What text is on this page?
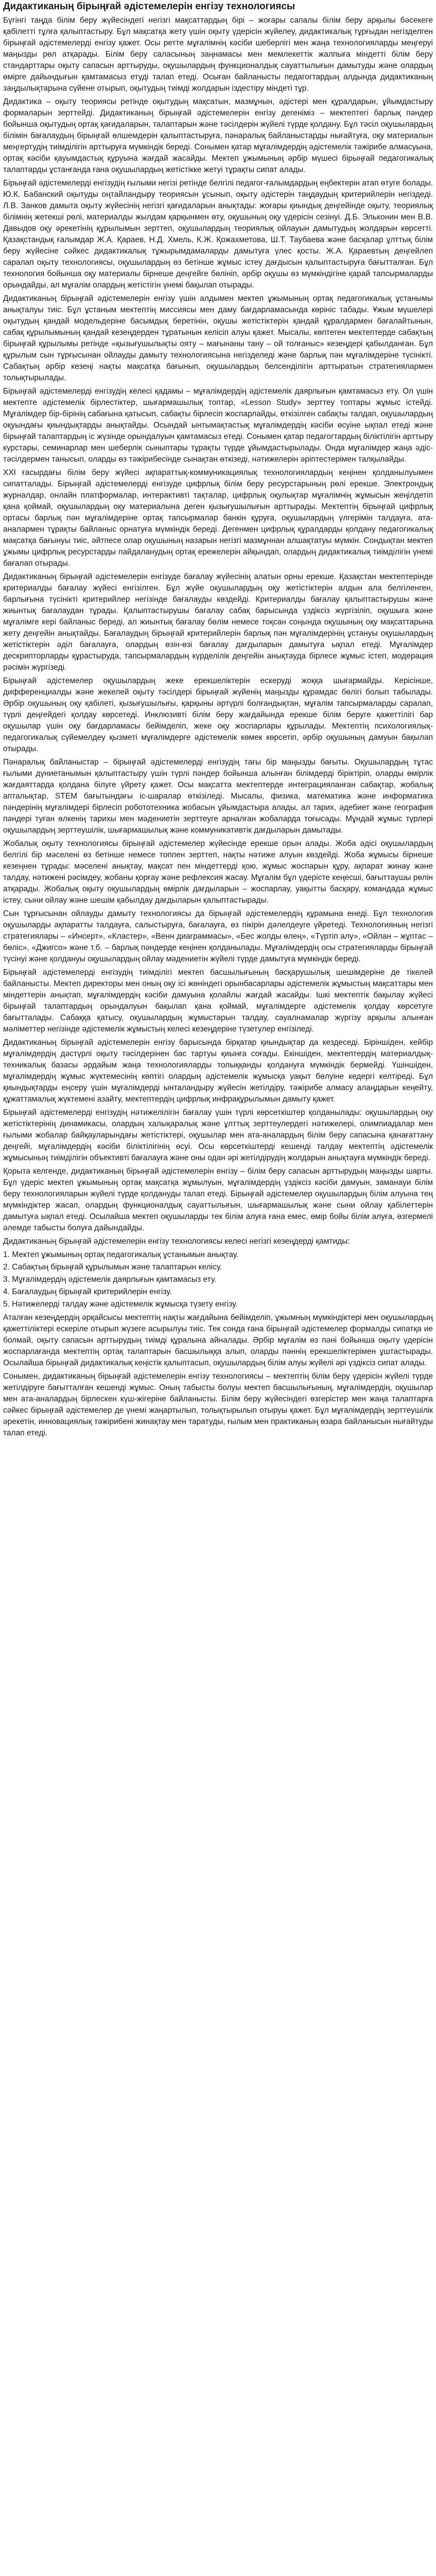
Дидактиканың бірыңғай әдістемелерін енгізу технологиясы

Бүгінгі таңда білім беру жүйесіндегі негізгі мақсаттардың бірі – жоғары сапалы білім беру арқылы бәсекеге қабілетті тұлға қалыптастыру. Бұл мақсатқа жету үшін оқыту үдерісін жүйелеу, дидактикалық тұрғыдан негізделген бірыңғай әдістемелерді енгізу қажет. Осы ретте мұғалімнің кәсіби шеберлігі мен жаңа технологияларды меңгеруі маңызды рөл атқарады. Білім беру саласының заңнамасы мен мемлекеттік жалпыға міндетті білім беру стандарттары оқыту сапасын арттыруды, оқушылардың функционалдық сауаттылығын дамытуды және олардың өмірге дайындығын қамтамасыз етуді талап етеді. Осыған байланысты педагогтардың алдында дидактиканың заңдылықтарына сүйене отырып, оқытудың тиімді жолдарын іздестіру міндеті тұр.

Дидактика – оқыту теориясы ретінде оқытудың мақсатын, мазмұнын, әдістері мен құралдарын, ұйымдастыру формаларын зерттейді. Дидактиканың бірыңғай әдістемелерін енгізу дегеніміз – мектептегі барлық пәндер бойынша оқытудың ортақ қағидаларын, талаптарын және тәсілдерін жүйелі түрде қолдану. Бұл тәсіл оқушылардың білімін бағалаудың бірыңғай өлшемдерін қалыптастыруға, пәнаралық байланыстарды нығайтуға, оқу материалын меңгертудің тиімділігін арттыруға мүмкіндік береді. Сонымен қатар мұғалімдердің әдістемелік тәжірибе алмасуына, ортақ кәсіби қауымдастық құруына жағдай жасайды. Мектеп ұжымының әрбір мүшесі бірыңғай педагогикалық талаптарды ұстанғанда ғана оқушылардың жетістікке жетуі тұрақты сипат алады.

Бірыңғай әдістемелерді енгізудің ғылыми негізі ретінде белгілі педагог-ғалымдардың еңбектерін атап өтуге болады. Ю.К. Бабанский оқытуды оңтайландыру теориясын ұсынып, оқыту әдістерін таңдаудың критерийлерін негіздеді. Л.В. Занков дамыта оқыту жүйесінің негізгі қағидаларын анықтады: жоғары қиындық деңгейінде оқыту, теориялық білімнің жетекші рөлі, материалды жылдам қарқынмен өту, оқушының оқу үдерісін сезінуі. Д.Б. Эльконин мен В.В. Давыдов оқу әрекетінің құрылымын зерттеп, оқушылардың теориялық ойлауын дамытудың жолдарын көрсетті. Қазақстандық ғалымдар Ж.А. Қараев, Н.Д. Хмель, К.Ж. Қожахметова, Ш.Т. Таубаева және басқалар ұлттық білім беру жүйесіне сәйкес дидактикалық тұжырымдамаларды дамытуға үлес қосты. Ж.А. Қараевтың деңгейлеп саралап оқыту технологиясы, оқушылардың өз бетінше жұмыс істеу дағдысын қалыптастыруға бағытталған. Бұл технология бойынша оқу материалы бірнеше деңгейге бөлініп, әрбір оқушы өз мүмкіндігіне қарай тапсырмаларды орындайды, ал мұғалім олардың жетістігін үнемі бақылап отырады.

Дидактиканың бірыңғай әдістемелерін енгізу үшін алдымен мектеп ұжымының ортақ педагогикалық ұстанымы анықталуы тиіс. Бұл ұстаным мектептің миссиясы мен даму бағдарламасында көрініс табады. Ұжым мүшелері оқытудың қандай модельдеріне басымдық беретінін, оқушы жетістіктерін қандай құралдармен бағалайтынын, сабақ құрылымының қандай кезеңдерден тұратынын келісіп алуы қажет. Мысалы, көптеген мектептерде сабақтың бірыңғай құрылымы ретінде «қызығушылықты ояту – мағынаны тану – ой толғаныс» кезеңдері қабылданған. Бұл құрылым сын тұрғысынан ойлауды дамыту технологиясына негізделеді және барлық пән мұғалімдеріне түсінікті. Сабақтың әрбір кезеңі нақты мақсатқа бағынып, оқушылардың белсенділігін арттыратын стратегиялармен толықтырылады.

Бірыңғай әдістемелерді енгізудің келесі қадамы – мұғалімдердің әдістемелік даярлығын қамтамасыз ету. Ол үшін мектепте әдістемелік бірлестіктер, шығармашылық топтар, «Lesson Study» зерттеу топтары жұмыс істейді. Мұғалімдер бір-бірінің сабағына қатысып, сабақты бірлесіп жоспарлайды, өткізілген сабақты талдап, оқушылардың оқуындағы қиындықтарды анықтайды. Осындай ынтымақтастық мұғалімдердің кәсіби өсуіне ықпал етеді және бірыңғай талаптардың іс жүзінде орындалуын қамтамасыз етеді. Сонымен қатар педагогтардың біліктілігін арттыру курстары, семинарлар мен шеберлік сыныптары тұрақты түрде ұйымдастырылады. Онда мұғалімдер жаңа әдіс-тәсілдермен танысып, оларды өз тәжірибесінде сынақтан өткізеді, нәтижелерін әріптестерімен талқылайды.

XXI ғасырдағы білім беру жүйесі ақпараттық-коммуникациялық технологиялардың кеңінен қолданылуымен сипатталады. Бірыңғай әдістемелерді енгізуде цифрлық білім беру ресурстарының рөлі ерекше. Электрондық журналдар, онлайн платформалар, интерактивті тақталар, цифрлық оқулықтар мұғалімнің жұмысын жеңілдетіп қана қоймай, оқушылардың оқу материалына деген қызығушылығын арттырады. Мектептің бірыңғай цифрлық ортасы барлық пән мұғалімдеріне ортақ тапсырмалар банкін құруға, оқушылардың үлгерімін талдауға, ата-аналармен тұрақты байланыс орнатуға мүмкіндік береді. Дегенмен цифрлық құралдарды қолдану педагогикалық мақсатқа бағынуы тиіс, әйтпесе олар оқушының назарын негізгі мазмұннан алшақтатуы мүмкін. Сондықтан мектеп ұжымы цифрлық ресурстарды пайдаланудың ортақ ережелерін айқындап, олардың дидактикалық тиімділігін үнемі бағалап отырады.

Дидактиканың бірыңғай әдістемелерін енгізуде бағалау жүйесінің алатын орны ерекше. Қазақстан мектептерінде критериалды бағалау жүйесі енгізілген. Бұл жүйе оқушылардың оқу жетістіктерін алдын ала белгіленген, барлығына түсінікті критерийлер негізінде бағалауды көздейді. Критериалды бағалау қалыптастырушы және жиынтық бағалаудан тұрады. Қалыптастырушы бағалау сабақ барысында үздіксіз жүргізіліп, оқушыға және мұғалімге кері байланыс береді, ал жиынтық бағалау бөлім немесе тоқсан соңында оқушының оқу мақсаттарына жету деңгейін анықтайды. Бағалаудың бірыңғай критерийлерін барлық пән мұғалімдерінің ұстануы оқушылардың жетістіктерін әділ бағалауға, олардың өзін-өзі бағалау дағдыларын дамытуға ықпал етеді. Мұғалімдер дескрипторларды құрастыруда, тапсырмалардың күрделілік деңгейін анықтауда бірлесе жұмыс істеп, модерация рәсімін жүргізеді.

Бірыңғай әдістемелер оқушылардың жеке ерекшеліктерін ескеруді жоққа шығармайды. Керісінше, дифференциалды және жекелей оқыту тәсілдері бірыңғай жүйенің маңызды құрамдас бөлігі болып табылады. Әрбір оқушының оқу қабілеті, қызығушылығы, қарқыны әртүрлі болғандықтан, мұғалім тапсырмаларды саралап, түрлі деңгейдегі қолдау көрсетеді. Инклюзивті білім беру жағдайында ерекше білім беруге қажеттілігі бар оқушылар үшін оқу бағдарламасы бейімделіп, жеке оқу жоспарлары құрылады. Мектептің психологиялық-педагогикалық сүйемелдеу қызметі мұғалімдерге әдістемелік көмек көрсетіп, әрбір оқушының дамуын бақылап отырады.

Пәнаралық байланыстар – бірыңғай әдістемелерді енгізудің тағы бір маңызды бағыты. Оқушылардың тұтас ғылыми дүниетанымын қалыптастыру үшін түрлі пәндер бойынша алынған білімдерді біріктіріп, оларды өмірлік жағдаяттарда қолдана білуге үйрету қажет. Осы мақсатта мектептерде интеграцияланған сабақтар, жобалық апталықтар, STEM бағытындағы іс-шаралар өткізіледі. Мысалы, физика, математика және информатика пәндерінің мұғалімдері бірлесіп робототехника жобасын ұйымдастыра алады, ал тарих, әдебиет және география пәндері туған өлкенің тарихы мен мәдениетін зерттеуге арналған жобаларда тоғысады. Мұндай жұмыс түрлері оқушылардың зерттеушілік, шығармашылық және коммуникативтік дағдыларын дамытады.

Жобалық оқыту технологиясы бірыңғай әдістемелер жүйесінде ерекше орын алады. Жоба әдісі оқушылардың белгілі бір мәселені өз бетінше немесе топпен зерттеп, нақты нәтиже алуын көздейді. Жоба жұмысы бірнеше кезеңнен тұрады: мәселені анықтау, мақсат пен міндеттерді қою, жұмыс жоспарын құру, ақпарат жинау және талдау, нәтижені рәсімдеу, жобаны қорғау және рефлексия жасау. Мұғалім бұл үдерісте кеңесші, бағыттаушы рөлін атқарады. Жобалық оқыту оқушылардың өмірлік дағдыларын – жоспарлау, уақытты басқару, командада жұмыс істеу, сыни ойлау және шешім қабылдау дағдыларын қалыптастырады.

Сын тұрғысынан ойлауды дамыту технологиясы да бірыңғай әдістемелердің құрамына енеді. Бұл технология оқушыларды ақпаратты талдауға, салыстыруға, бағалауға, өз пікірін дәлелдеуге үйретеді. Технологияның негізгі стратегиялары – «Инсерт», «Кластер», «Венн диаграммасы», «Бес жолды өлең», «Түртіп алу», «Ойлан – жұптас – бөліс», «Джигсо» және т.б. – барлық пәндерде кеңінен қолданылады. Мұғалімдердің осы стратегияларды бірыңғай түсінуі және қолдануы оқушылардың ойлау мәдениетін жүйелі түрде дамытуға мүмкіндік береді.

Бірыңғай әдістемелерді енгізудің тиімділігі мектеп басшылығының басқарушылық шешімдеріне де тікелей байланысты. Мектеп директоры мен оның оқу ісі жөніндегі орынбасарлары әдістемелік жұмыстың мақсаттары мен міндеттерін анықтап, мұғалімдердің кәсіби дамуына қолайлы жағдай жасайды. Ішкі мектептік бақылау жүйесі бірыңғай талаптардың орындалуын бақылап қана қоймай, мұғалімдерге әдістемелік қолдау көрсетуге бағытталады. Сабаққа қатысу, оқушылардың жұмыстарын талдау, сауалнамалар жүргізу арқылы алынған мәліметтер негізінде әдістемелік жұмыстың келесі кезеңдеріне түзетулер енгізіледі.

Дидактиканың бірыңғай әдістемелерін енгізу барысында бірқатар қиындықтар да кездеседі. Біріншіден, кейбір мұғалімдердің дәстүрлі оқыту тәсілдерінен бас тартуы қиынға соғады. Екіншіден, мектептердің материалдық-техникалық базасы әрдайым жаңа технологияларды толыққанды қолдануға мүмкіндік бермейді. Үшіншіден, мұғалімдердің жұмыс жүктемесінің көптігі олардың әдістемелік жұмысқа уақыт бөлуіне кедергі келтіреді. Бұл қиындықтарды еңсеру үшін мұғалімдерді ынталандыру жүйесін жетілдіру, тәжірибе алмасу алаңдарын кеңейту, құжаттамалық жүктемені азайту, мектептердің цифрлық инфрақұрылымын дамыту қажет.

Бірыңғай әдістемелерді енгізудің нәтижелілігін бағалау үшін түрлі көрсеткіштер қолданылады: оқушылардың оқу жетістіктерінің динамикасы, олардың халықаралық және ұлттық зерттеулердегі нәтижелері, олимпиадалар мен ғылыми жобалар байқауларындағы жетістіктері, оқушылар мен ата-аналардың білім беру сапасына қанағаттану деңгейі, мұғалімдердің кәсіби біліктілігінің өсуі. Осы көрсеткіштерді кешенді талдау мектептің әдістемелік жұмысының тиімділігін объективті бағалауға және оны одан әрі жетілдірудің жолдарын анықтауға мүмкіндік береді.

Қорыта келгенде, дидактиканың бірыңғай әдістемелерін енгізу – білім беру сапасын арттырудың маңызды шарты. Бұл үдеріс мектеп ұжымының ортақ мақсатқа жұмылуын, мұғалімдердің үздіксіз кәсіби дамуын, заманауи білім беру технологияларын жүйелі түрде қолдануды талап етеді. Бірыңғай әдістемелер оқушылардың білім алуына тең мүмкіндіктер жасап, олардың функционалдық сауаттылығын, шығармашылық және сыни ойлау қабілеттерін дамытуға ықпал етеді. Осылайша мектеп оқушыларды тек білім алуға ғана емес, өмір бойы білім алуға, өзгермелі әлемде табысты болуға дайындайды.

Дидактиканың бірыңғай әдістемелерін енгізу технологиясы келесі негізгі кезеңдерді қамтиды:

1. Мектеп ұжымының ортақ педагогикалық ұстанымын анықтау.
2. Сабақтың бірыңғай құрылымын және талаптарын келісу.
3. Мұғалімдердің әдістемелік даярлығын қамтамасыз ету.
4. Бағалаудың бірыңғай критерийлерін енгізу.
5. Нәтижелерді талдау және әдістемелік жұмысқа түзету енгізу.

Аталған кезеңдердің әрқайсысы мектептің нақты жағдайына бейімделіп, ұжымның мүмкіндіктері мен оқушылардың қажеттіліктері ескеріле отырып жүзеге асырылуы тиіс. Тек сонда ғана бірыңғай әдістемелер формалды сипатқа ие болмай, оқыту сапасын арттырудың тиімді құралына айналады. Әрбір мұғалім өз пәні бойынша оқыту үдерісін жоспарлағанда мектептің ортақ талаптарын басшылыққа алып, оларды пәннің ерекшеліктерімен ұштастырады. Осылайша бірыңғай дидактикалық кеңістік қалыптасып, оқушылардың білім алуы жүйелі әрі үздіксіз сипат алады.

Сонымен, дидактиканың бірыңғай әдістемелерін енгізу технологиясы – мектептің білім беру үдерісін жүйелі түрде жетілдіруге бағытталған кешенді жұмыс. Оның табысты болуы мектеп басшылығының, мұғалімдердің, оқушылар мен ата-аналардың бірлескен күш-жігеріне байланысты. Білім беру жүйесіндегі өзгерістер мен жаңа талаптарға сәйкес бірыңғай әдістемелер де үнемі жаңартылып, толықтырылып отыруы қажет. Бұл мұғалімдердің зерттеушілік әрекетін, инновациялық тәжірибені жинақтау мен таратуды, ғылым мен практиканың өзара байланысын нығайтуды талап етеді.
